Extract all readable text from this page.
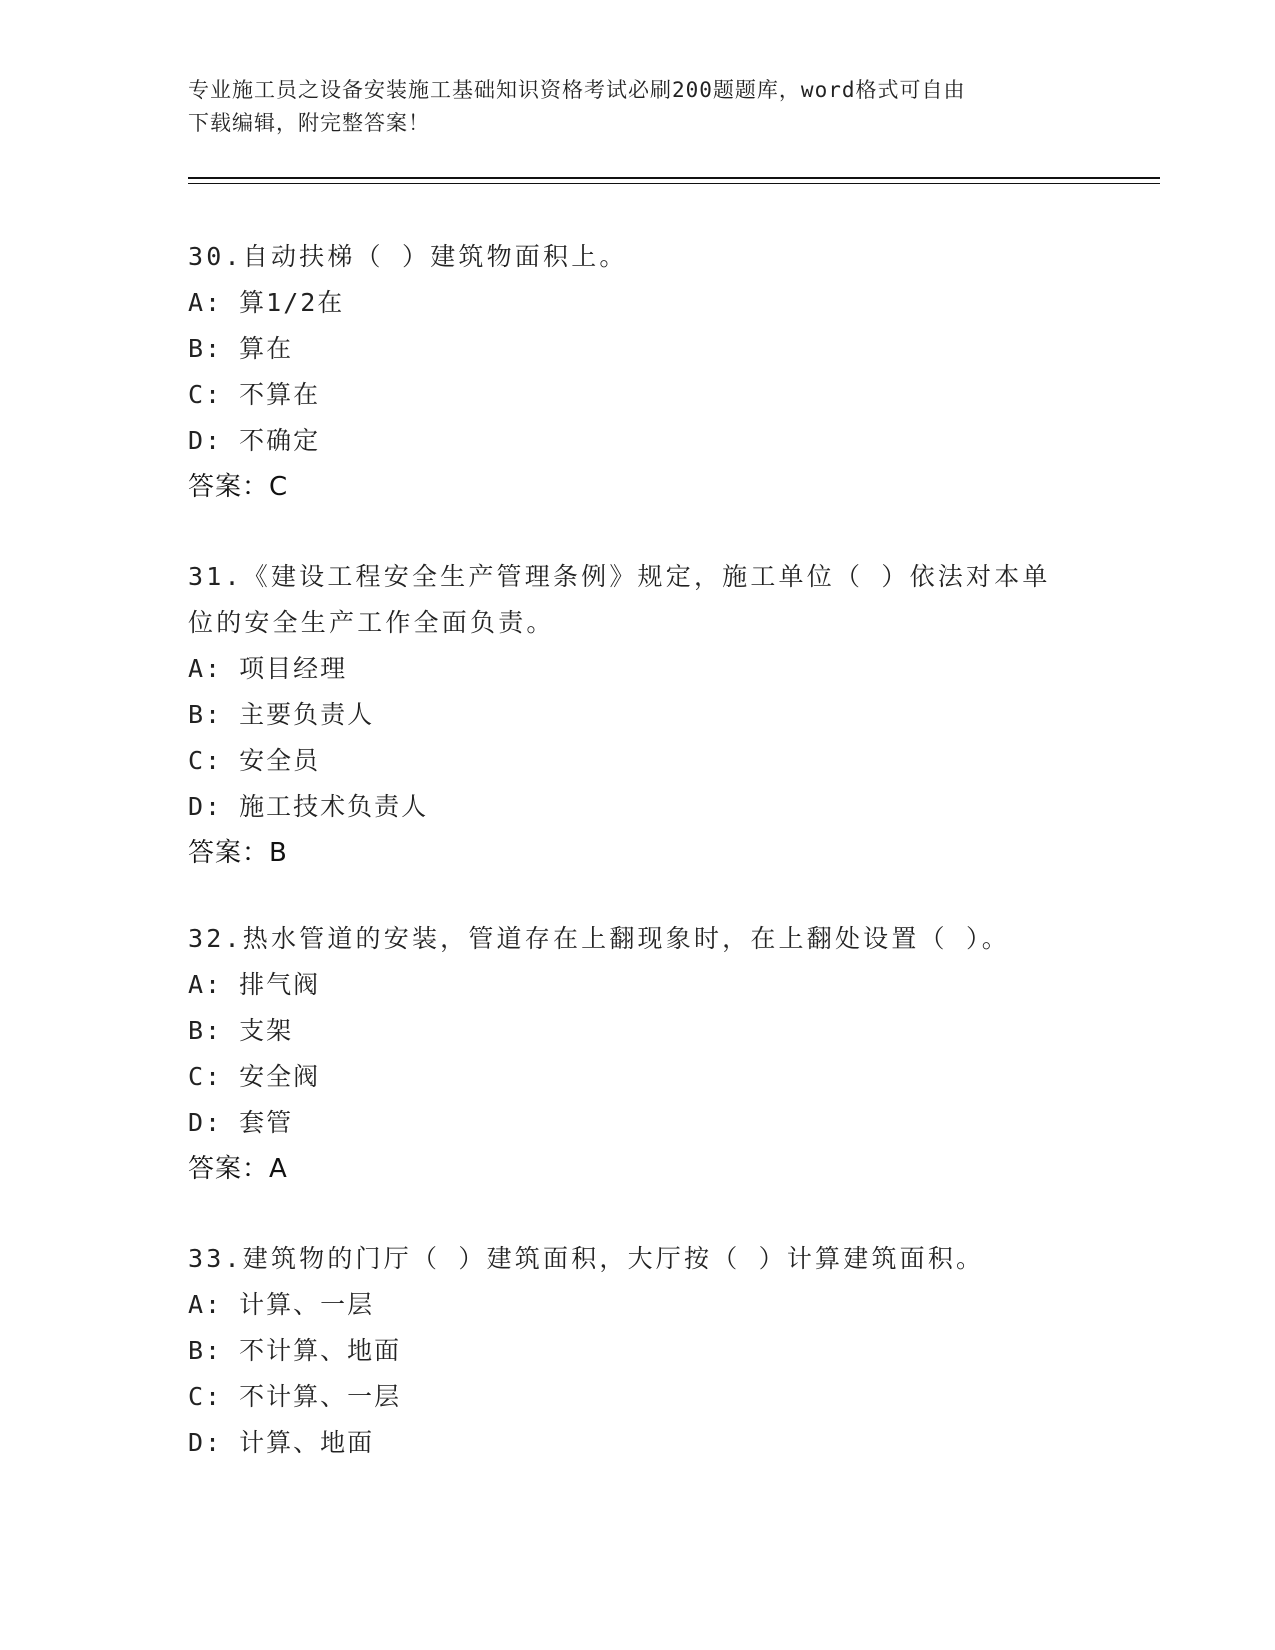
专业施工员之设备安装施工基础知识资格考试必刷200题题库，word格式可自由
下载编辑，附完整答案！
30.自动扶梯（ ）建筑物面积上。
A: 算1/2在
B: 算在
C: 不算在
D: 不确定
答案：C
31.《建设工程安全生产管理条例》规定，施工单位（ ）依法对本单
位的安全生产工作全面负责。
A: 项目经理
B: 主要负责人
C: 安全员
D: 施工技术负责人
答案：B
32.热水管道的安装，管道存在上翻现象时，在上翻处设置（ ）。
A: 排气阀
B: 支架
C: 安全阀
D: 套管
答案：A
33.建筑物的门厅（ ）建筑面积，大厅按（ ）计算建筑面积。
A: 计算、一层
B: 不计算、地面
C: 不计算、一层
D: 计算、地面
